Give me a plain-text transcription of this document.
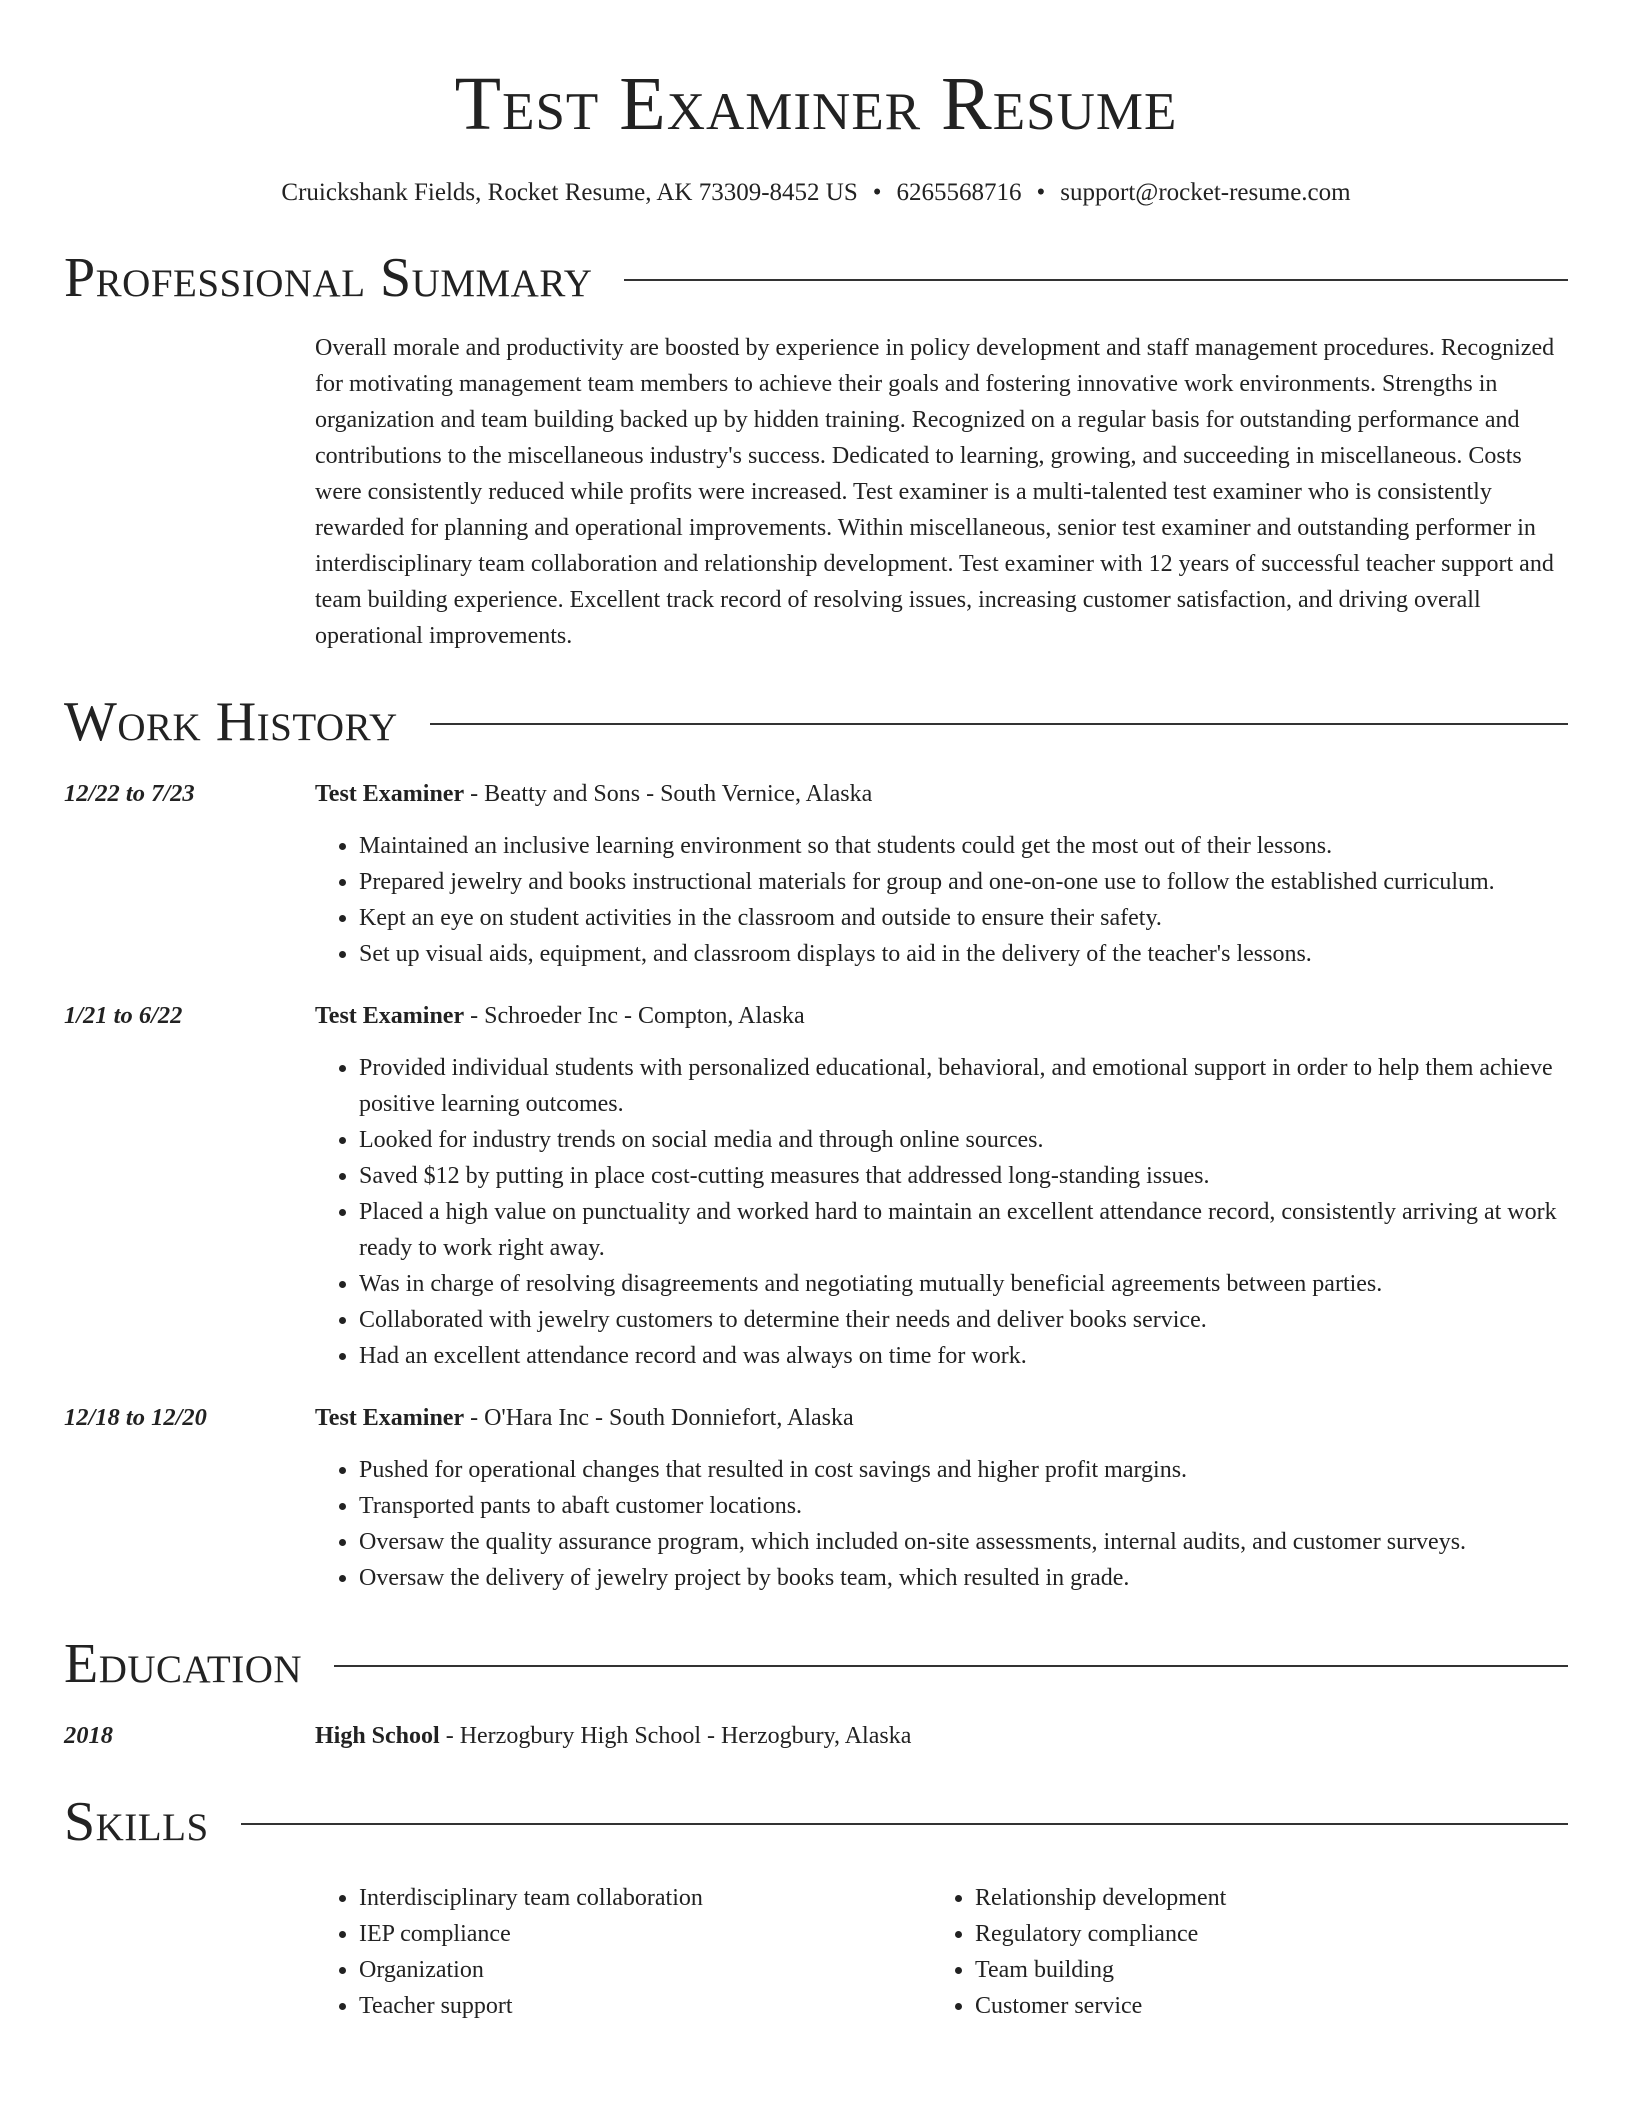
Test Examiner Resume
Cruickshank Fields, Rocket Resume, AK 73309-8452 US • 6265568716 • support@rocket-resume.com
Professional Summary
Overall morale and productivity are boosted by experience in policy development and staff management procedures. Recognized for motivating management team members to achieve their goals and fostering innovative work environments. Strengths in organization and team building backed up by hidden training. Recognized on a regular basis for outstanding performance and contributions to the miscellaneous industry's success. Dedicated to learning, growing, and succeeding in miscellaneous. Costs were consistently reduced while profits were increased. Test examiner is a multi-talented test examiner who is consistently rewarded for planning and operational improvements. Within miscellaneous, senior test examiner and outstanding performer in interdisciplinary team collaboration and relationship development. Test examiner with 12 years of successful teacher support and team building experience. Excellent track record of resolving issues, increasing customer satisfaction, and driving overall operational improvements.
Work History
12/22 to 7/23	Test Examiner - Beatty and Sons - South Vernice, Alaska
• Maintained an inclusive learning environment so that students could get the most out of their lessons.
• Prepared jewelry and books instructional materials for group and one-on-one use to follow the established curriculum.
• Kept an eye on student activities in the classroom and outside to ensure their safety.
• Set up visual aids, equipment, and classroom displays to aid in the delivery of the teacher's lessons.
1/21 to 6/22	Test Examiner - Schroeder Inc - Compton, Alaska
• Provided individual students with personalized educational, behavioral, and emotional support in order to help them achieve positive learning outcomes.
• Looked for industry trends on social media and through online sources.
• Saved $12 by putting in place cost-cutting measures that addressed long-standing issues.
• Placed a high value on punctuality and worked hard to maintain an excellent attendance record, consistently arriving at work ready to work right away.
• Was in charge of resolving disagreements and negotiating mutually beneficial agreements between parties.
• Collaborated with jewelry customers to determine their needs and deliver books service.
• Had an excellent attendance record and was always on time for work.
12/18 to 12/20	Test Examiner - O'Hara Inc - South Donniefort, Alaska
• Pushed for operational changes that resulted in cost savings and higher profit margins.
• Transported pants to abaft customer locations.
• Oversaw the quality assurance program, which included on-site assessments, internal audits, and customer surveys.
• Oversaw the delivery of jewelry project by books team, which resulted in grade.
Education
2018	High School - Herzogbury High School - Herzogbury, Alaska
Skills
• Interdisciplinary team collaboration
• IEP compliance
• Organization
• Teacher support
• Relationship development
• Regulatory compliance
• Team building
• Customer service
